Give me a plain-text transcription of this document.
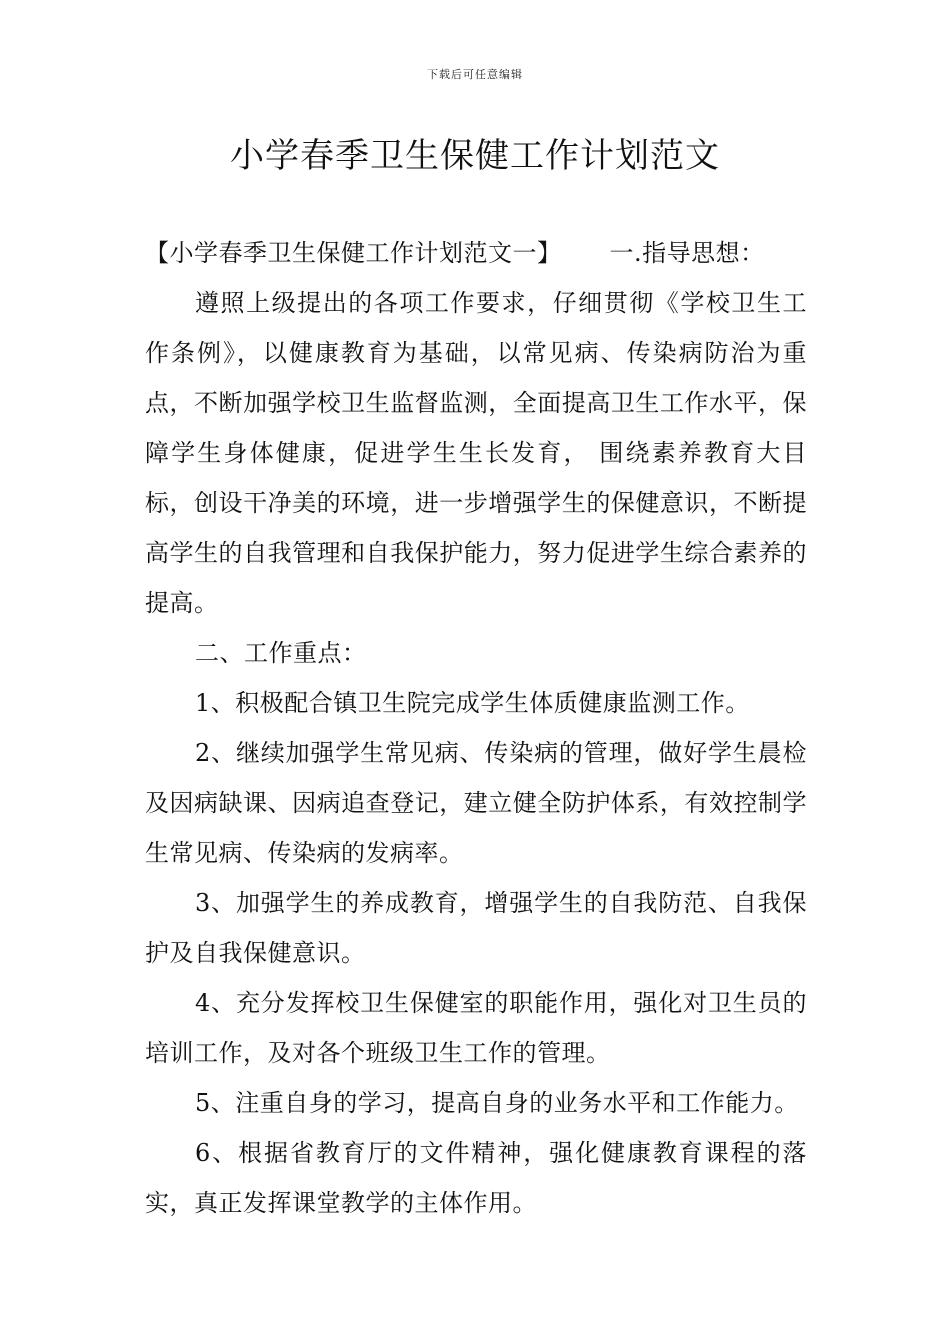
下载后可任意编辑
小学春季卫生保健工作计划范文

【小学春季卫生保健工作计划范文一】 一.指导思想：

遵照上级提出的各项工作要求，仔细贯彻《学校卫生工作条例》，以健康教育为基础，以常见病、传染病防治为重点，不断加强学校卫生监督监测，全面提高卫生工作水平，保障学生身体健康，促进学生生长发育， 围绕素养教育大目标，创设干净美的环境，进一步增强学生的保健意识，不断提高学生的自我管理和自我保护能力，努力促进学生综合素养的提高。

二、工作重点：

1、积极配合镇卫生院完成学生体质健康监测工作。

2、继续加强学生常见病、传染病的管理，做好学生晨检及因病缺课、因病追查登记，建立健全防护体系，有效控制学生常见病、传染病的发病率。

3、加强学生的养成教育，增强学生的自我防范、自我保护及自我保健意识。

4、充分发挥校卫生保健室的职能作用，强化对卫生员的培训工作，及对各个班级卫生工作的管理。

5、注重自身的学习，提高自身的业务水平和工作能力。

6、根据省教育厅的文件精神，强化健康教育课程的落实，真正发挥课堂教学的主体作用。
